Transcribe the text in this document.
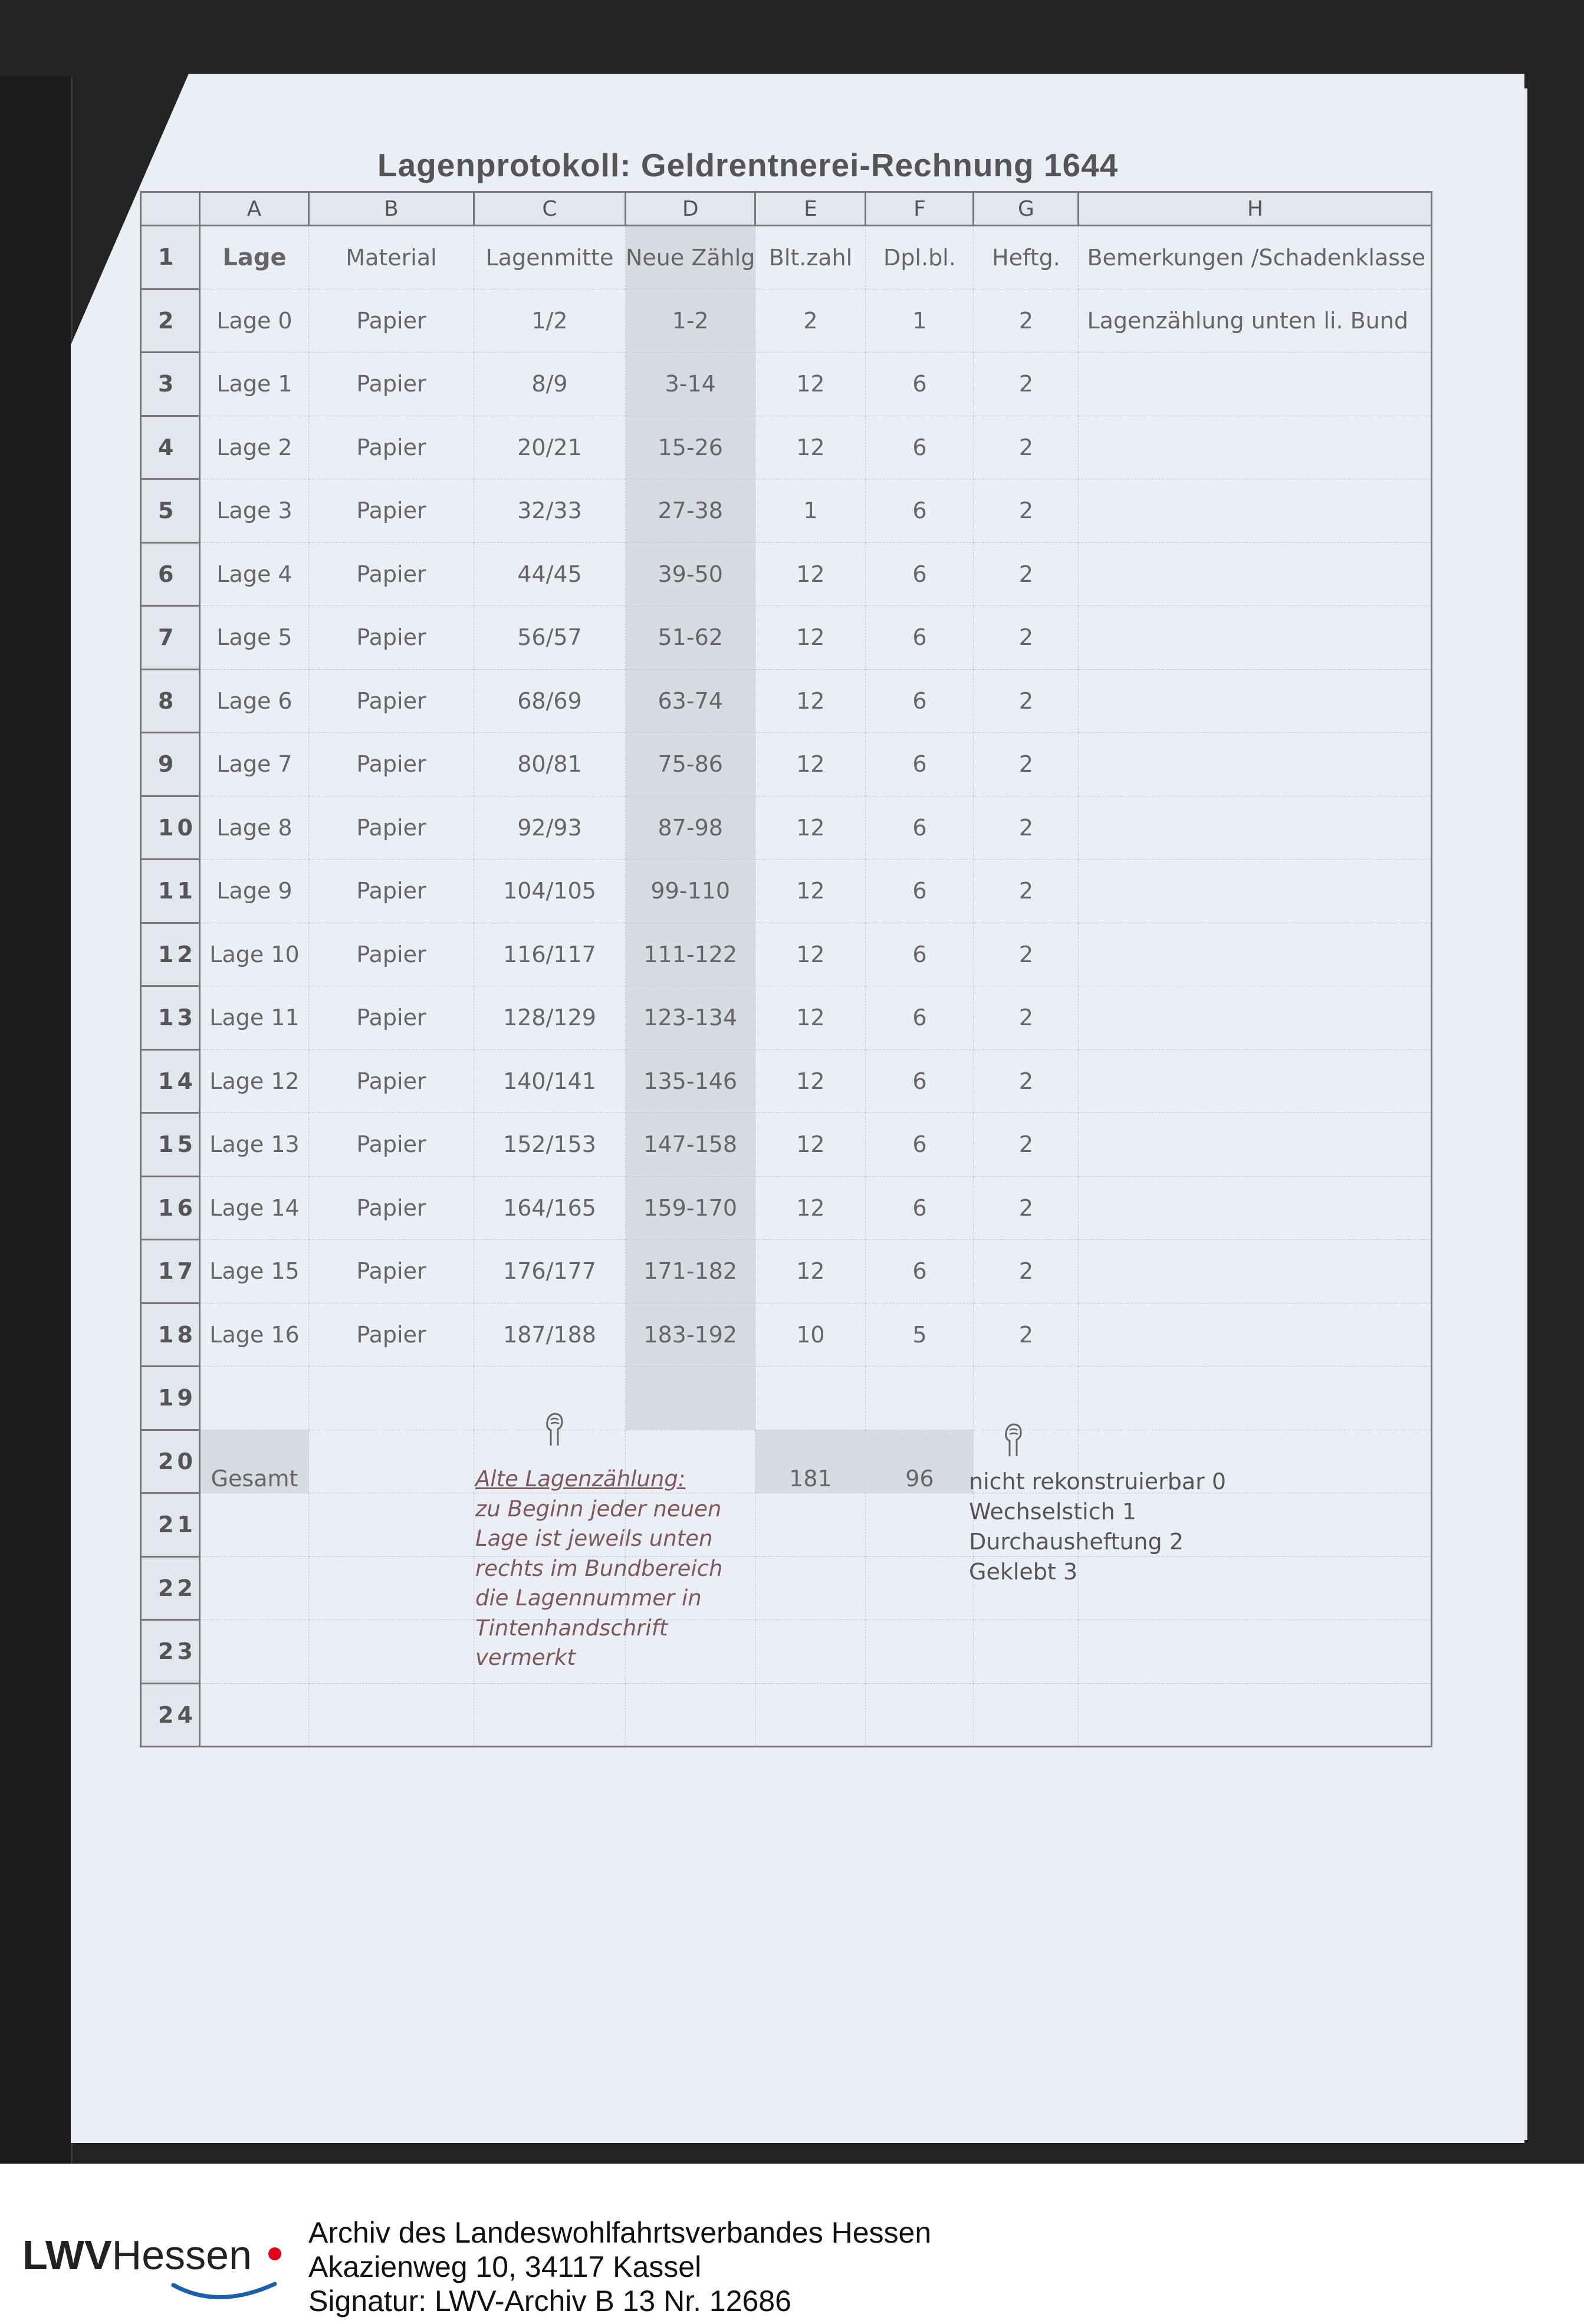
Lagenprotokoll: Geldrentnerei-Rechnung 1644
	A	B	C	D	E	F	G	H
1	Lage	Material	Lagenmitte	Neue Zählg	Blt.zahl	Dpl.bl.	Heftg.	Bemerkungen /Schadenklasse
2	Lage 0	Papier	1/2	1-2	2	1	2	Lagenzählung unten li. Bund
3	Lage 1	Papier	8/9	3-14	12	6	2	
4	Lage 2	Papier	20/21	15-26	12	6	2	
5	Lage 3	Papier	32/33	27-38	1	6	2	
6	Lage 4	Papier	44/45	39-50	12	6	2	
7	Lage 5	Papier	56/57	51-62	12	6	2	
8	Lage 6	Papier	68/69	63-74	12	6	2	
9	Lage 7	Papier	80/81	75-86	12	6	2	
10	Lage 8	Papier	92/93	87-98	12	6	2	
11	Lage 9	Papier	104/105	99-110	12	6	2	
12	Lage 10	Papier	116/117	111-122	12	6	2	
13	Lage 11	Papier	128/129	123-134	12	6	2	
14	Lage 12	Papier	140/141	135-146	12	6	2	
15	Lage 13	Papier	152/153	147-158	12	6	2	
16	Lage 14	Papier	164/165	159-170	12	6	2	
17	Lage 15	Papier	176/177	171-182	12	6	2	
18	Lage 16	Papier	187/188	183-192	10	5	2	
19								
20	Gesamt				181	96		
21								
22								
23								
24								
Alte Lagenzählung:
zu Beginn jeder neuen
Lage ist jeweils unten
rechts im Bundbereich
die Lagennummer in
Tintenhandschrift
vermerkt
nicht rekonstruierbar 0
Wechselstich 1
Durchausheftung 2
Geklebt 3
LWVHessen Archiv des Landeswohlfahrtsverbandes Hessen
Akazienweg 10, 34117 Kassel
Signatur: LWV-Archiv B 13 Nr. 12686
